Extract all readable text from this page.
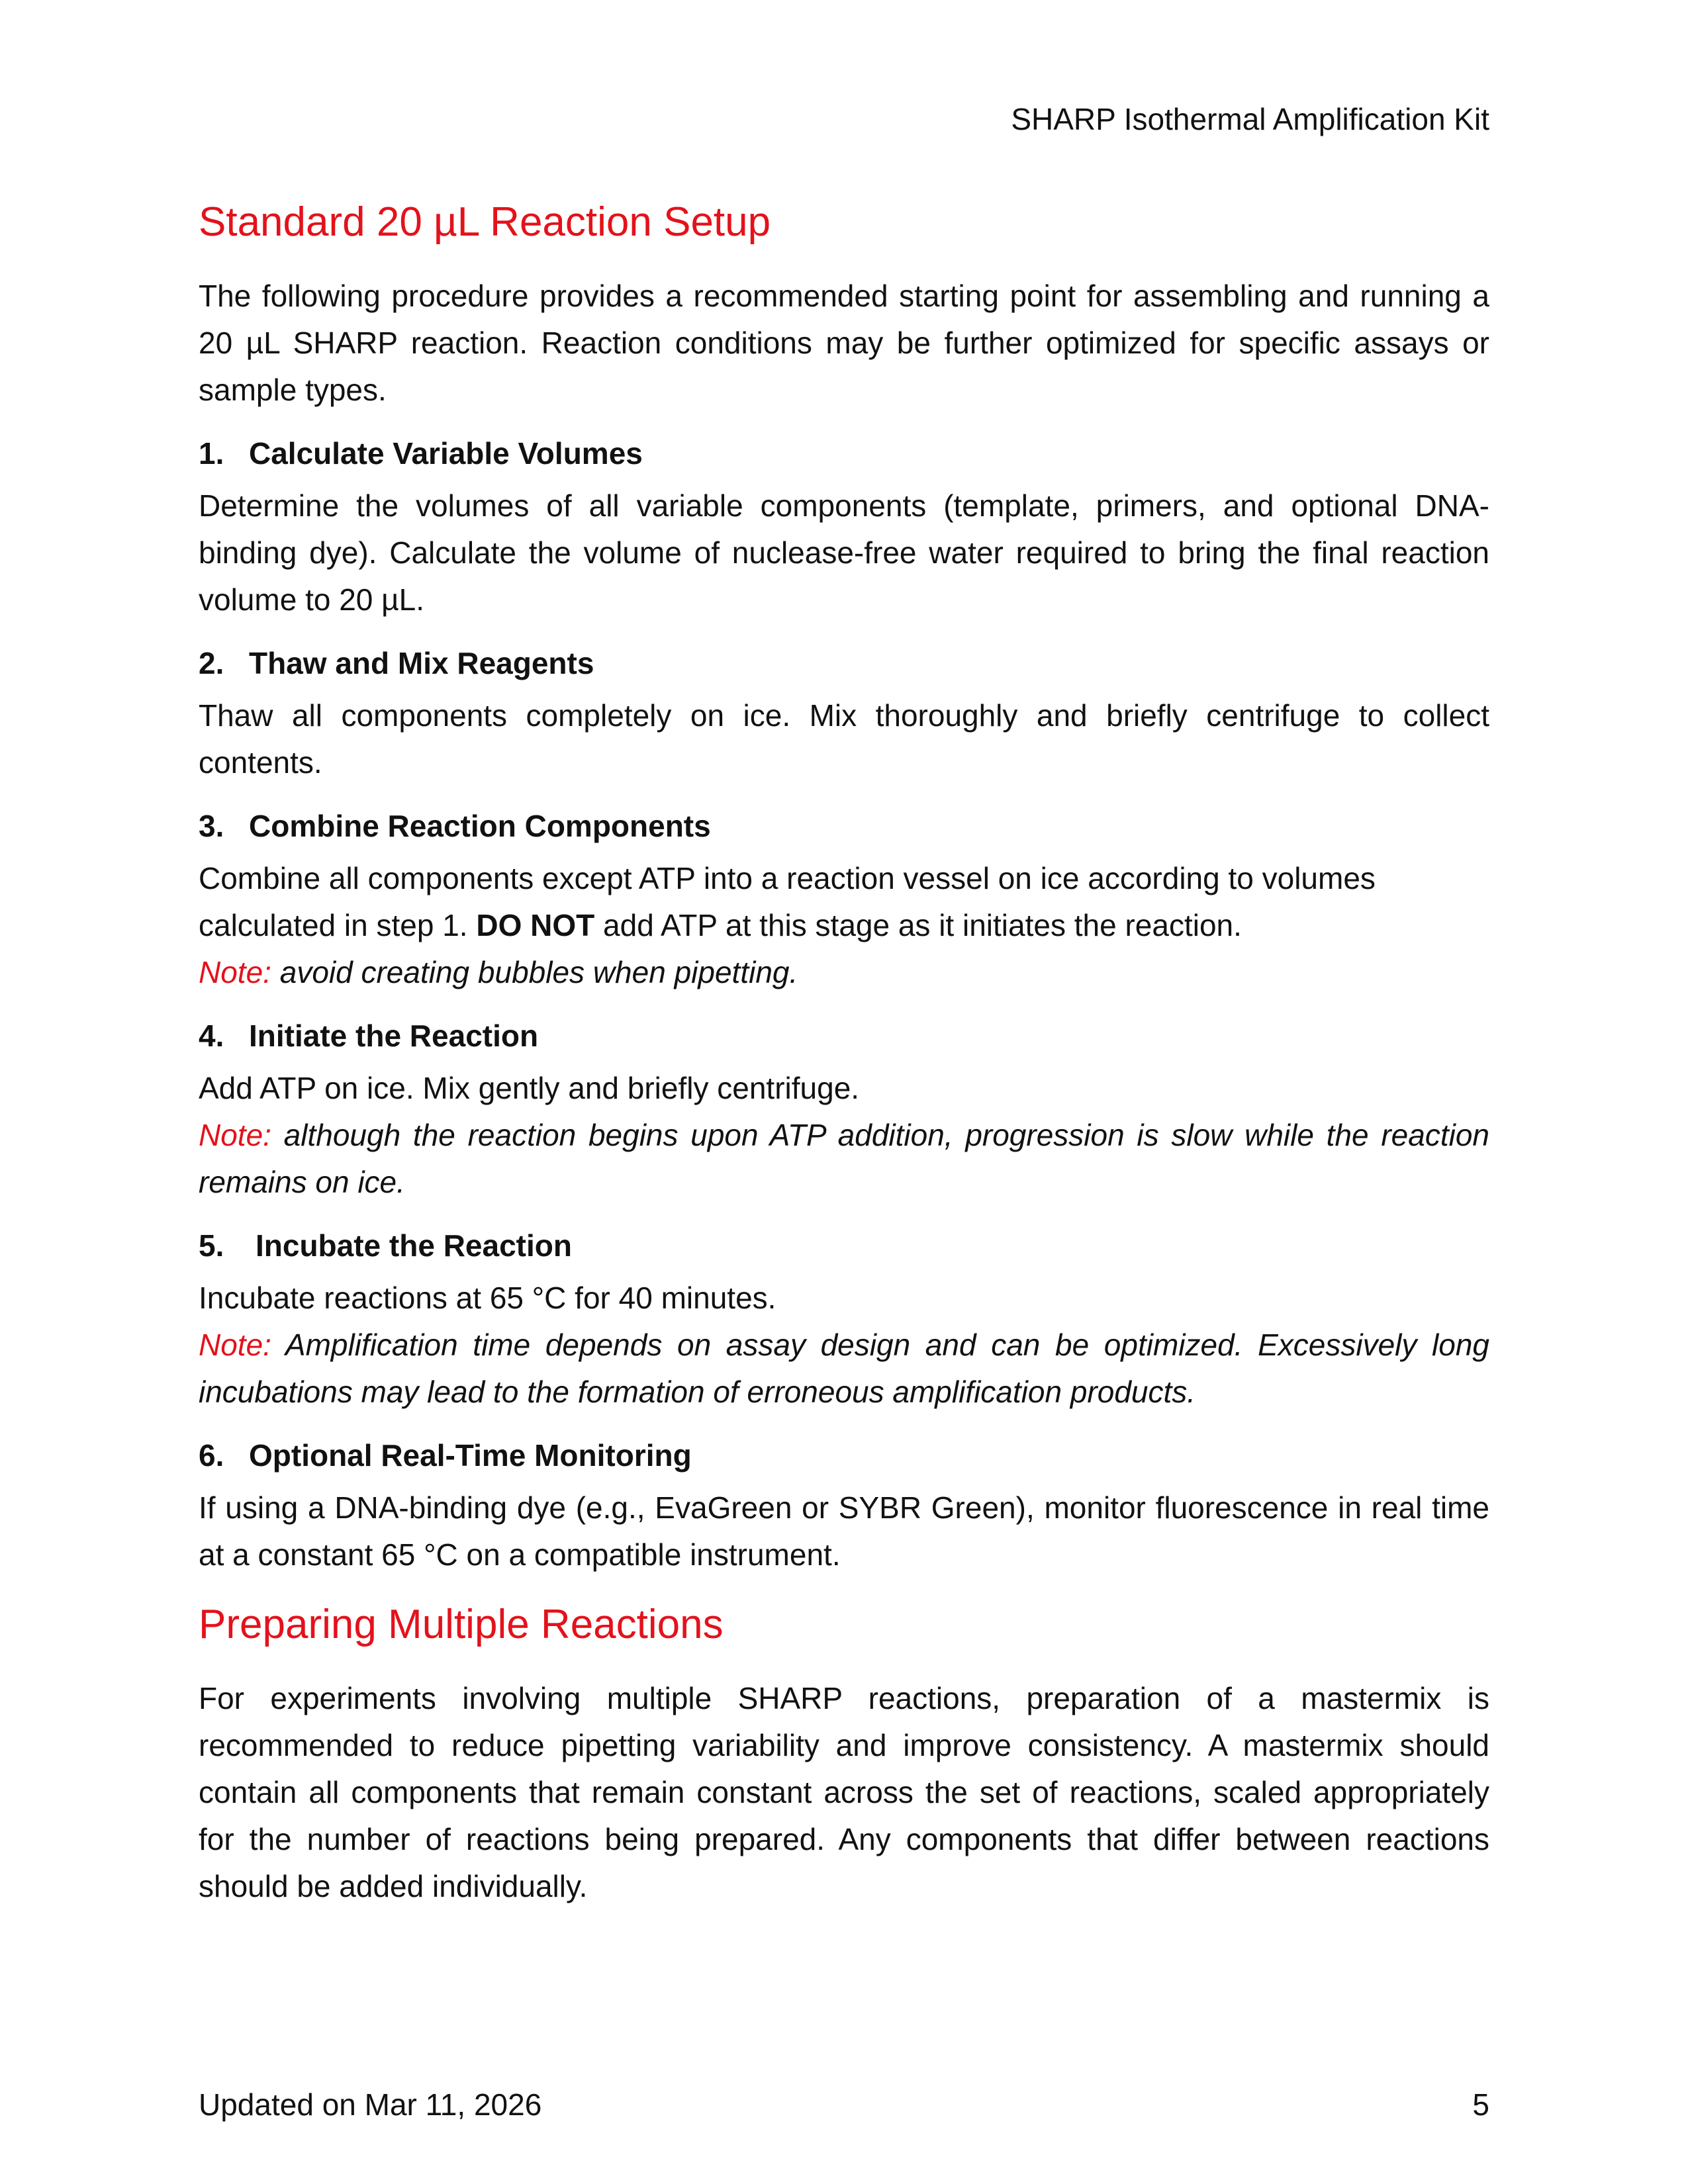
SHARP Isothermal Amplification Kit
Standard 20 µL Reaction Setup

The following procedure provides a recommended starting point for assembling and running a 20 µL SHARP reaction. Reaction conditions may be further optimized for specific assays or sample types.

1. Calculate Variable Volumes

Determine the volumes of all variable components (template, primers, and optional DNA-binding dye). Calculate the volume of nuclease-free water required to bring the final reaction volume to 20 µL.

2. Thaw and Mix Reagents

Thaw all components completely on ice. Mix thoroughly and briefly centrifuge to collect contents.

3. Combine Reaction Components

Combine all components except ATP into a reaction vessel on ice according to volumes calculated in step 1. DO NOT add ATP at this stage as it initiates the reaction.

Note: avoid creating bubbles when pipetting.

4. Initiate the Reaction

Add ATP on ice. Mix gently and briefly centrifuge.

Note: although the reaction begins upon ATP addition, progression is slow while the reaction remains on ice.

5.	Incubate the Reaction

Incubate reactions at 65 °C for 40 minutes.

Note: Amplification time depends on assay design and can be optimized. Excessively long incubations may lead to the formation of erroneous amplification products.

6. Optional Real-Time Monitoring

If using a DNA-binding dye (e.g., EvaGreen or SYBR Green), monitor fluorescence in real time at a constant 65 °C on a compatible instrument.

Preparing Multiple Reactions

For experiments involving multiple SHARP reactions, preparation of a mastermix is recommended to reduce pipetting variability and improve consistency. A mastermix should contain all components that remain constant across the set of reactions, scaled appropriately for the number of reactions being prepared. Any components that differ between reactions should be added individually.

Updated on Mar 11, 2026	5
